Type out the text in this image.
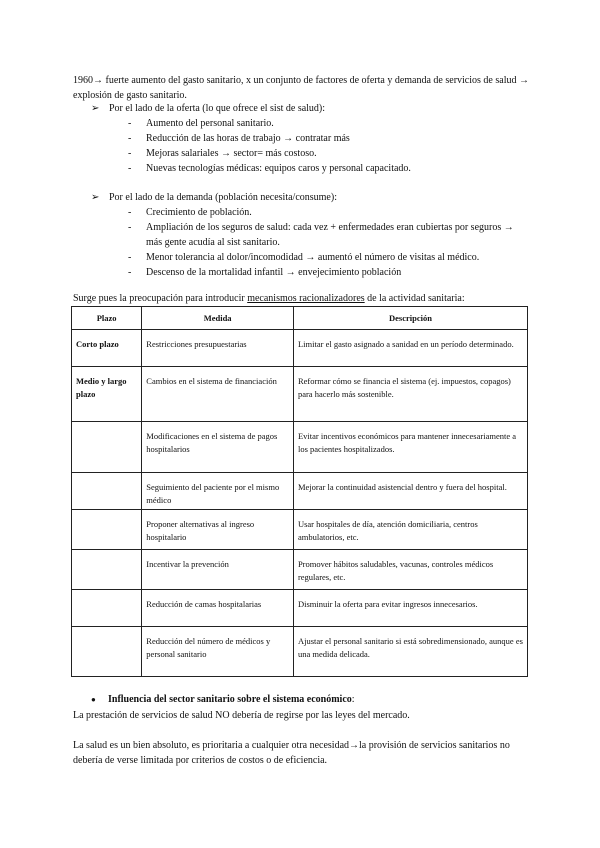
1960→ fuerte aumento del gasto sanitario, x un conjunto de factores de oferta y demanda de servicios de salud → explosión de gasto sanitario.

➢ Por el lado de la oferta (lo que ofrece el sist de salud):
- Aumento del personal sanitario.
- Reducción de las horas de trabajo → contratar más
- Mejoras salariales → sector= más costoso.
- Nuevas tecnologías médicas: equipos caros y personal capacitado.
➢ Por el lado de la demanda (población necesita/consume):
- Crecimiento de población.
- Ampliación de los seguros de salud: cada vez + enfermedades eran cubiertas por seguros → más gente acudía al sist sanitario.
- Menor tolerancia al dolor/incomodidad → aumentó el número de visitas al médico.
- Descenso de la mortalidad infantil → envejecimiento población

Surge pues la preocupación para introducir mecanismos racionalizadores de la actividad sanitaria:

Plazo	Medida	Descripción

Corto plazo	Restricciones presupuestarias	Limitar el gasto asignado a sanidad en un período determinado.

Medio y largo plazo	Cambios en el sistema de financiación	Reformar cómo se financia el sistema (ej. impuestos, copagos) para hacerlo más sostenible.

	Modificaciones en el sistema de pagos hospitalarios	Evitar incentivos económicos para mantener innecesariamente a los pacientes hospitalizados.

	Seguimiento del paciente por el mismo médico	Mejorar la continuidad asistencial dentro y fuera del hospital.

	Proponer alternativas al ingreso hospitalario	Usar hospitales de día, atención domiciliaria, centros ambulatorios, etc.

	Incentivar la prevención	Promover hábitos saludables, vacunas, controles médicos regulares, etc.

	Reducción de camas hospitalarias	Disminuir la oferta para evitar ingresos innecesarios.

	Reducción del número de médicos y personal sanitario	Ajustar el personal sanitario si está sobredimensionado, aunque es una medida delicada.

● Influencia del sector sanitario sobre el sistema económico:

La prestación de servicios de salud NO debería de regirse por las leyes del mercado.

La salud es un bien absoluto, es prioritaria a cualquier otra necesidad→la provisión de servicios sanitarios no debería de verse limitada por criterios de costos o de eficiencia.
